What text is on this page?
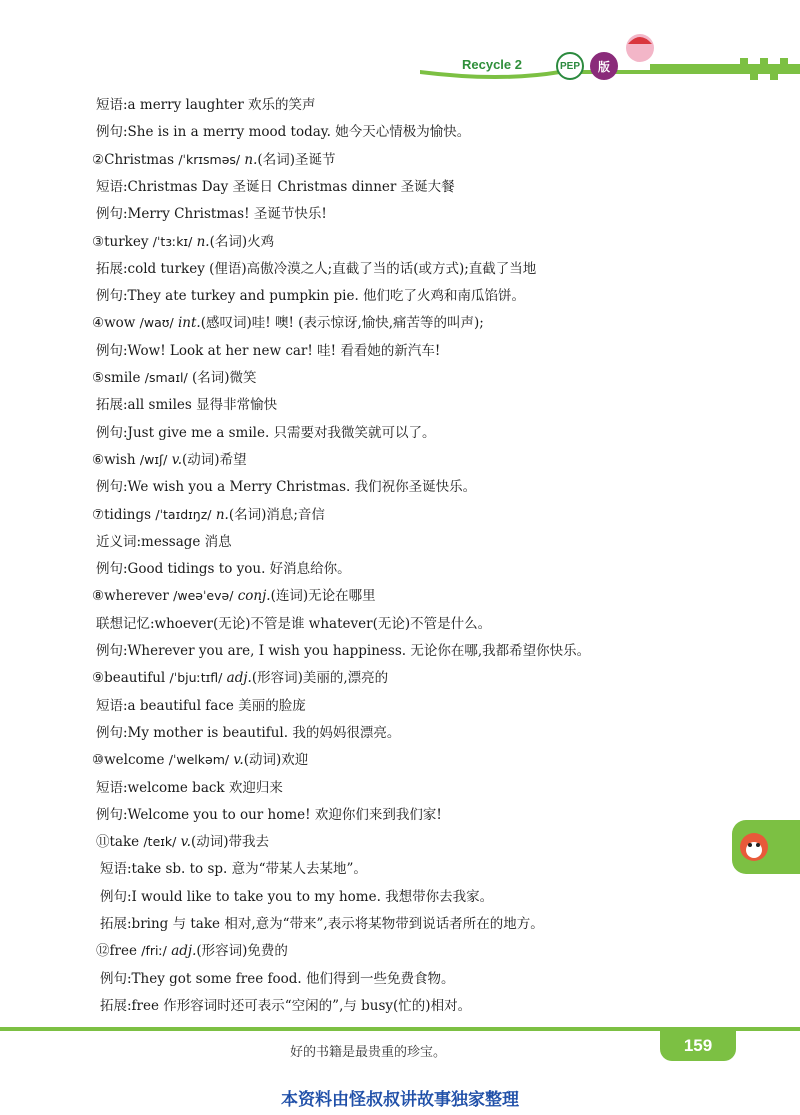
Recycle 2	PEP	版
短语:a merry laughter 欢乐的笑声
例句:She is in a merry mood today. 她今天心情极为愉快。
②Christmas /ˈkrɪsməs/ n.(名词)圣诞节
短语:Christmas Day 圣诞日 Christmas dinner 圣诞大餐
例句:Merry Christmas! 圣诞节快乐!
③turkey /ˈtɜːkɪ/ n.(名词)火鸡
拓展:cold turkey (俚语)高傲冷漠之人;直截了当的话(或方式);直截了当地
例句:They ate turkey and pumpkin pie. 他们吃了火鸡和南瓜馅饼。
④wow /waʊ/ int.(感叹词)哇! 噢! (表示惊讶,愉快,痛苦等的叫声);
例句:Wow! Look at her new car! 哇! 看看她的新汽车!
⑤smile /smaɪl/ (名词)微笑
拓展:all smiles 显得非常愉快
例句:Just give me a smile. 只需要对我微笑就可以了。
⑥wish /wɪʃ/ v.(动词)希望
例句:We wish you a Merry Christmas. 我们祝你圣诞快乐。
⑦tidings /ˈtaɪdɪŋz/ n.(名词)消息;音信
近义词:message 消息
例句:Good tidings to you. 好消息给你。
⑧wherever /weəˈevə/ conj.(连词)无论在哪里
联想记忆:whoever(无论)不管是谁 whatever(无论)不管是什么。
例句:Wherever you are, I wish you happiness. 无论你在哪,我都希望你快乐。
⑨beautiful /ˈbjuːtɪfl/ adj.(形容词)美丽的,漂亮的
短语:a beautiful face 美丽的脸庞
例句:My mother is beautiful. 我的妈妈很漂亮。
⑩welcome /ˈwelkəm/ v.(动词)欢迎
短语:welcome back 欢迎归来
例句:Welcome you to our home! 欢迎你们来到我们家!
⑪take /teɪk/ v.(动词)带我去
短语:take sb. to sp. 意为“带某人去某地”。
例句:I would like to take you to my home. 我想带你去我家。
拓展:bring 与 take 相对,意为“带来”,表示将某物带到说话者所在的地方。
⑫free /friː/ adj.(形容词)免费的
例句:They got some free food. 他们得到一些免费食物。
拓展:free 作形容词时还可表示“空闲的”,与 busy(忙的)相对。
好的书籍是最贵重的珍宝。	159
本资料由怪叔叔讲故事独家整理
